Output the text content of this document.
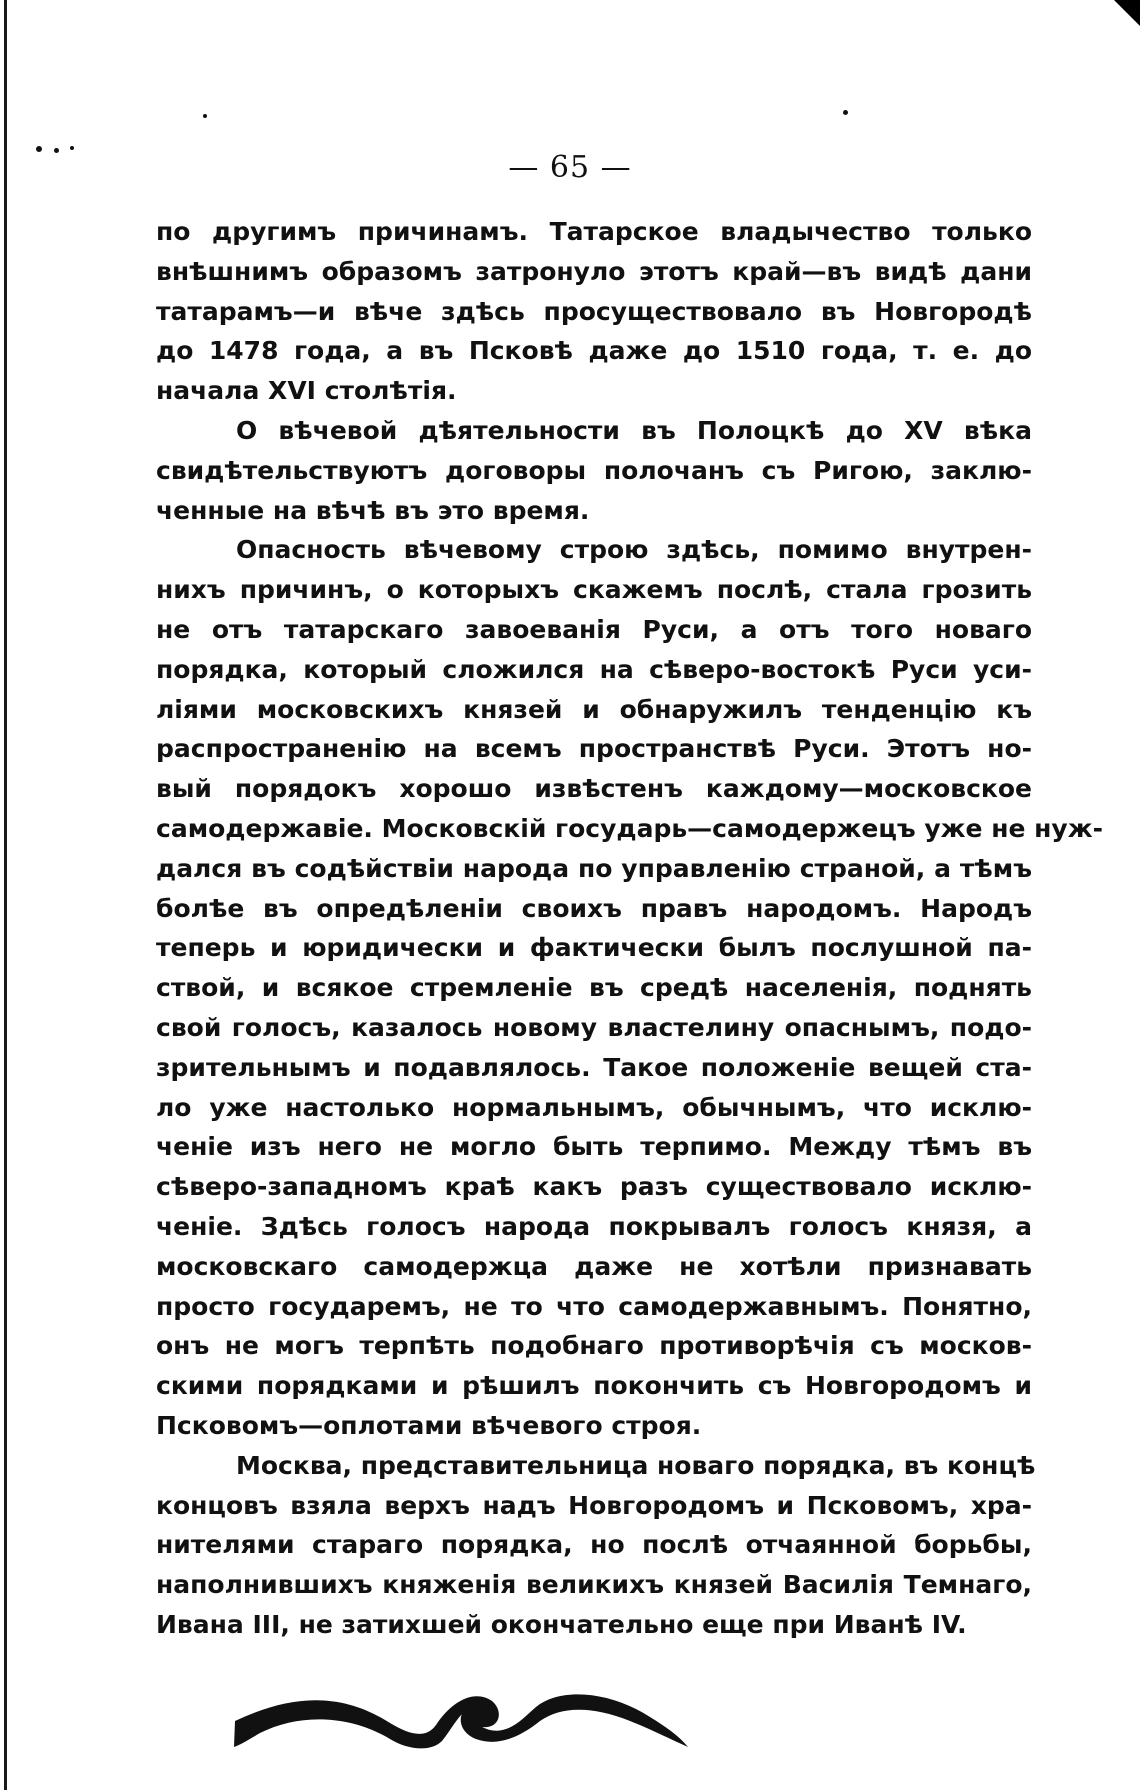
— 65 —
по другимъ причинамъ. Татарское владычество только
внѣшнимъ образомъ затронуло этотъ край—въ видѣ дани
татарамъ—и вѣче здѣсь просуществовало въ Новгородѣ
до 1478 года, а въ Псковѣ даже до 1510 года, т. е. до
начала XVI столѣтія.
О вѣчевой дѣятельности въ Полоцкѣ до XV вѣка
свидѣтельствуютъ договоры полочанъ съ Ригою, заклю-
ченные на вѣчѣ въ это время.
Опасность вѣчевому строю здѣсь, помимо внутрен-
нихъ причинъ, о которыхъ скажемъ послѣ, стала грозить
не отъ татарскаго завоеванія Руси, а отъ того новаго
порядка, который сложился на сѣверо-востокѣ Руси уси-
ліями московскихъ князей и обнаружилъ тенденцію къ
распространенію на всемъ пространствѣ Руси. Этотъ но-
вый порядокъ хорошо извѣстенъ каждому—московское
самодержавіе. Московскій государь—самодержецъ уже не нуж-
дался въ содѣйствіи народа по управленію страной, а тѣмъ
болѣе въ опредѣленіи своихъ правъ народомъ. Народъ
теперь и юридически и фактически былъ послушной па-
ствой, и всякое стремленіе въ средѣ населенія, поднять
свой голосъ, казалось новому властелину опаснымъ, подо-
зрительнымъ и подавлялось. Такое положеніе вещей ста-
ло уже настолько нормальнымъ, обычнымъ, что исклю-
ченіе изъ него не могло быть терпимо. Между тѣмъ въ
сѣверо-западномъ краѣ какъ разъ существовало исклю-
ченіе. Здѣсь голосъ народа покрывалъ голосъ князя, а
московскаго самодержца даже не хотѣли признавать
просто государемъ, не то что самодержавнымъ. Понятно,
онъ не могъ терпѣть подобнаго противорѣчія съ москов-
скими порядками и рѣшилъ покончить съ Новгородомъ и
Псковомъ—оплотами вѣчевого строя.
Москва, представительница новаго порядка, въ концѣ
концовъ взяла верхъ надъ Новгородомъ и Псковомъ, хра-
нителями стараго порядка, но послѣ отчаянной борьбы,
наполнившихъ княженія великихъ князей Василія Темнаго,
Ивана III, не затихшей окончательно еще при Иванѣ IV.
